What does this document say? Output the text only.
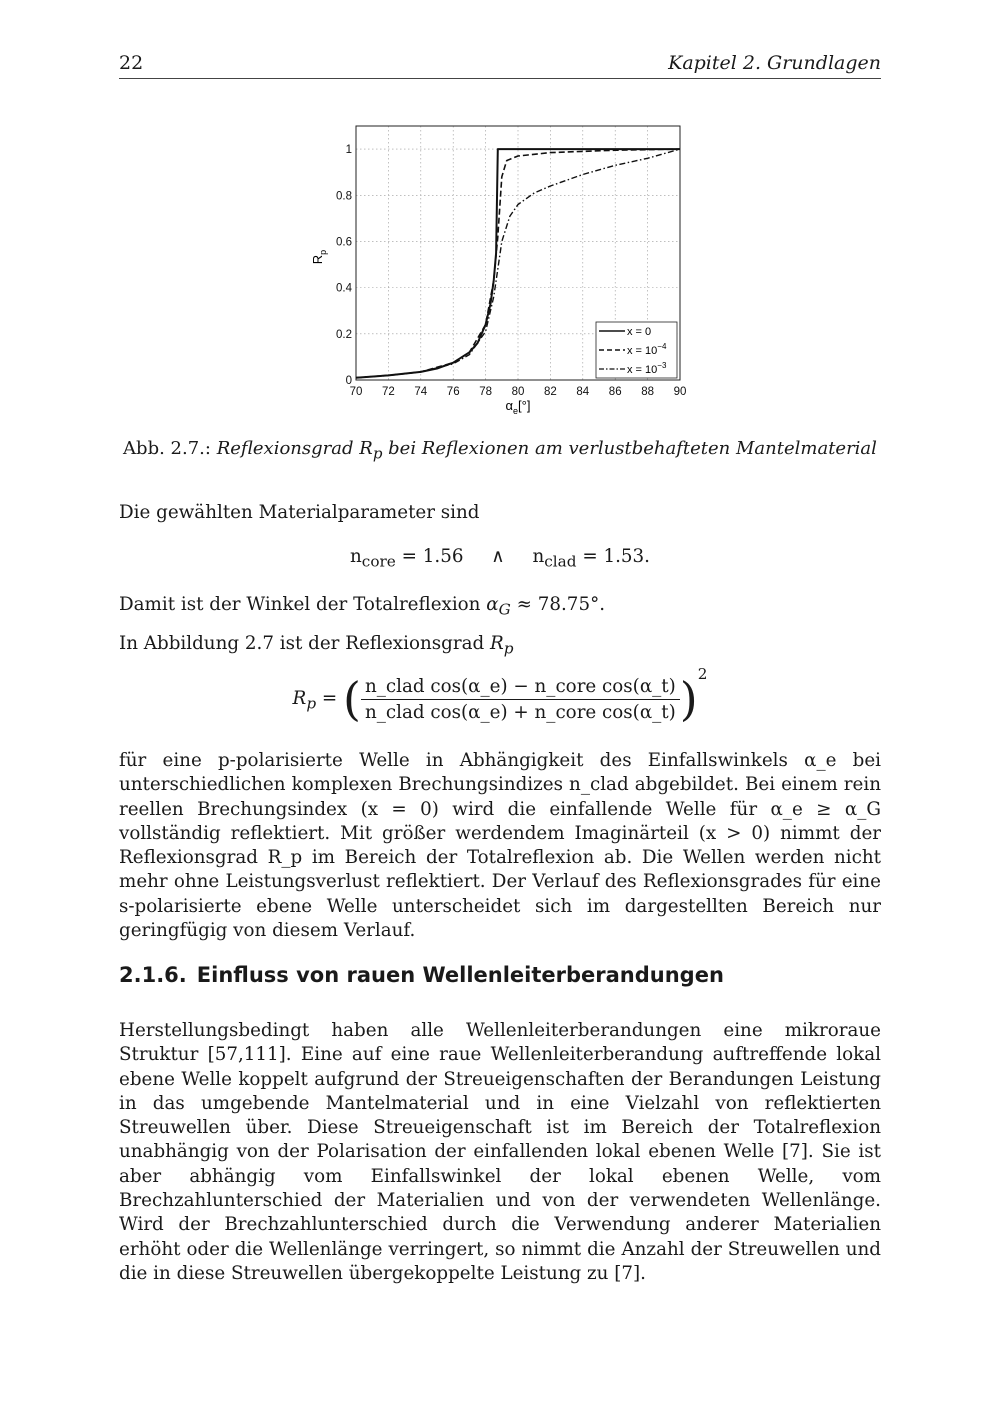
22	Kapitel 2. Grundlagen
70 72 74 76 78 80 82 84 86 88 90
0
0.2
0.4
0.6
0.8
1
$R_p$
$\alpha_e[^\circ]$
x = 0
$x = 10^{-4}$
$x = 10^{-3}$
Abb. 2.7.: Reflexionsgrad $R_p$ bei Reflexionen am verlustbehafteten Mantelmaterial
Die gewählten Materialparameter sind
$n_{core} = 1.56$ ∧ $n_{clad} = 1.53$.
Damit ist der Winkel der Totalreflexion $\alpha_G \approx 78.75^\circ$.
In Abbildung 2.7 ist der Reflexionsgrad $R_p$
$R_p$ = ( $\frac{\text{n\_clad cos(α\_e) − n\_core cos(α\_t)}}{\text{n\_clad cos(α\_e) + n\_core cos(α\_t)}} )^2$
für eine p-polarisierte Welle in Abhängigkeit des Einfallswinkels α_e bei unterschiedlichen komplexen Brechungsindizes n_clad abgebildet. Bei einem rein reellen Brechungsindex (x = 0) wird die einfallende Welle für α_e ≥ α_G vollständig reflektiert. Mit größer werdendem Imaginärteil (x > 0) nimmt der Reflexionsgrad R_p im Bereich der Totalreflexion ab. Die Wellen werden nicht mehr ohne Leistungsverlust reflektiert. Der Verlauf des Reflexionsgrades für eine s-polarisierte ebene Welle unterscheidet sich im dargestellten Bereich nur geringfügig von diesem Verlauf.
2.1.6. Einfluss von rauen Wellenleiterberandungen
Herstellungsbedingt haben alle Wellenleiterberandungen eine mikroraue Struktur [57,111]. Eine auf eine raue Wellenleiterberandung auftreffende lokal ebene Welle koppelt aufgrund der Streueigenschaften der Berandungen Leistung in das umgebende Mantelmaterial und in eine Vielzahl von reflektierten Streuwellen über. Diese Streueigenschaft ist im Bereich der Totalreflexion unabhängig von der Polarisation der einfallenden lokal ebenen Welle [7]. Sie ist aber abhängig vom Einfallswinkel der lokal ebenen Welle, vom Brechzahlunterschied der Materialien und von der verwendeten Wellenlänge. Wird der Brechzahlunterschied durch die Verwendung anderer Materialien erhöht oder die Wellenlänge verringert, so nimmt die Anzahl der Streuwellen und die in diese Streuwellen übergekoppelte Leistung zu [7].
